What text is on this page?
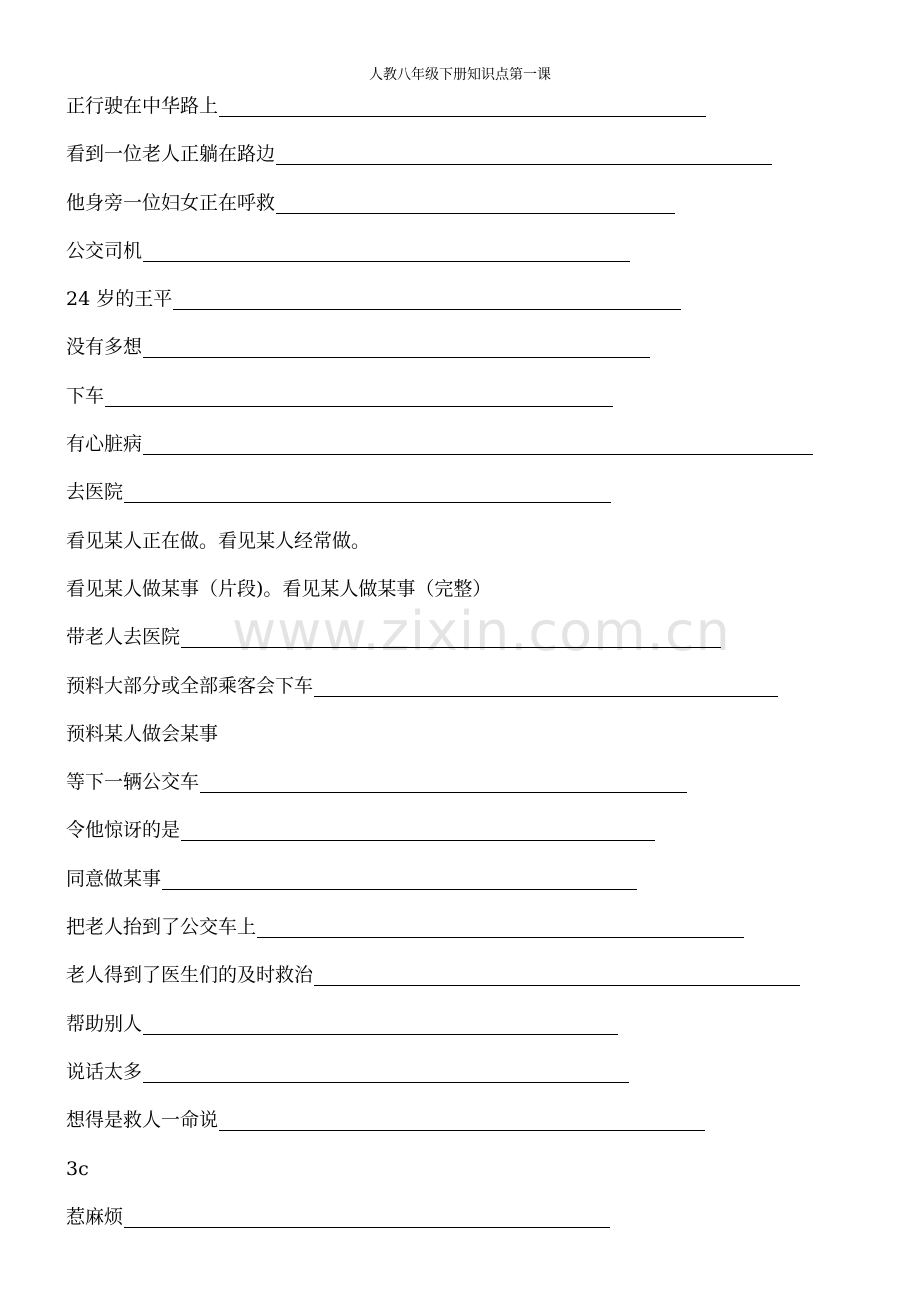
人教八年级下册知识点第一课
www.zixin.com.cn
正行驶在中华路上
看到一位老人正躺在路边
他身旁一位妇女正在呼救
公交司机
24 岁的王平
没有多想
下车
有心脏病
去医院
看见某人正在做。看见某人经常做。
看见某人做某事（片段)。看见某人做某事（完整）
带老人去医院
预料大部分或全部乘客会下车
预料某人做会某事
等下一辆公交车
令他惊讶的是
同意做某事
把老人抬到了公交车上
老人得到了医生们的及时救治
帮助别人
说话太多
想得是救人一命说
3c
惹麻烦
